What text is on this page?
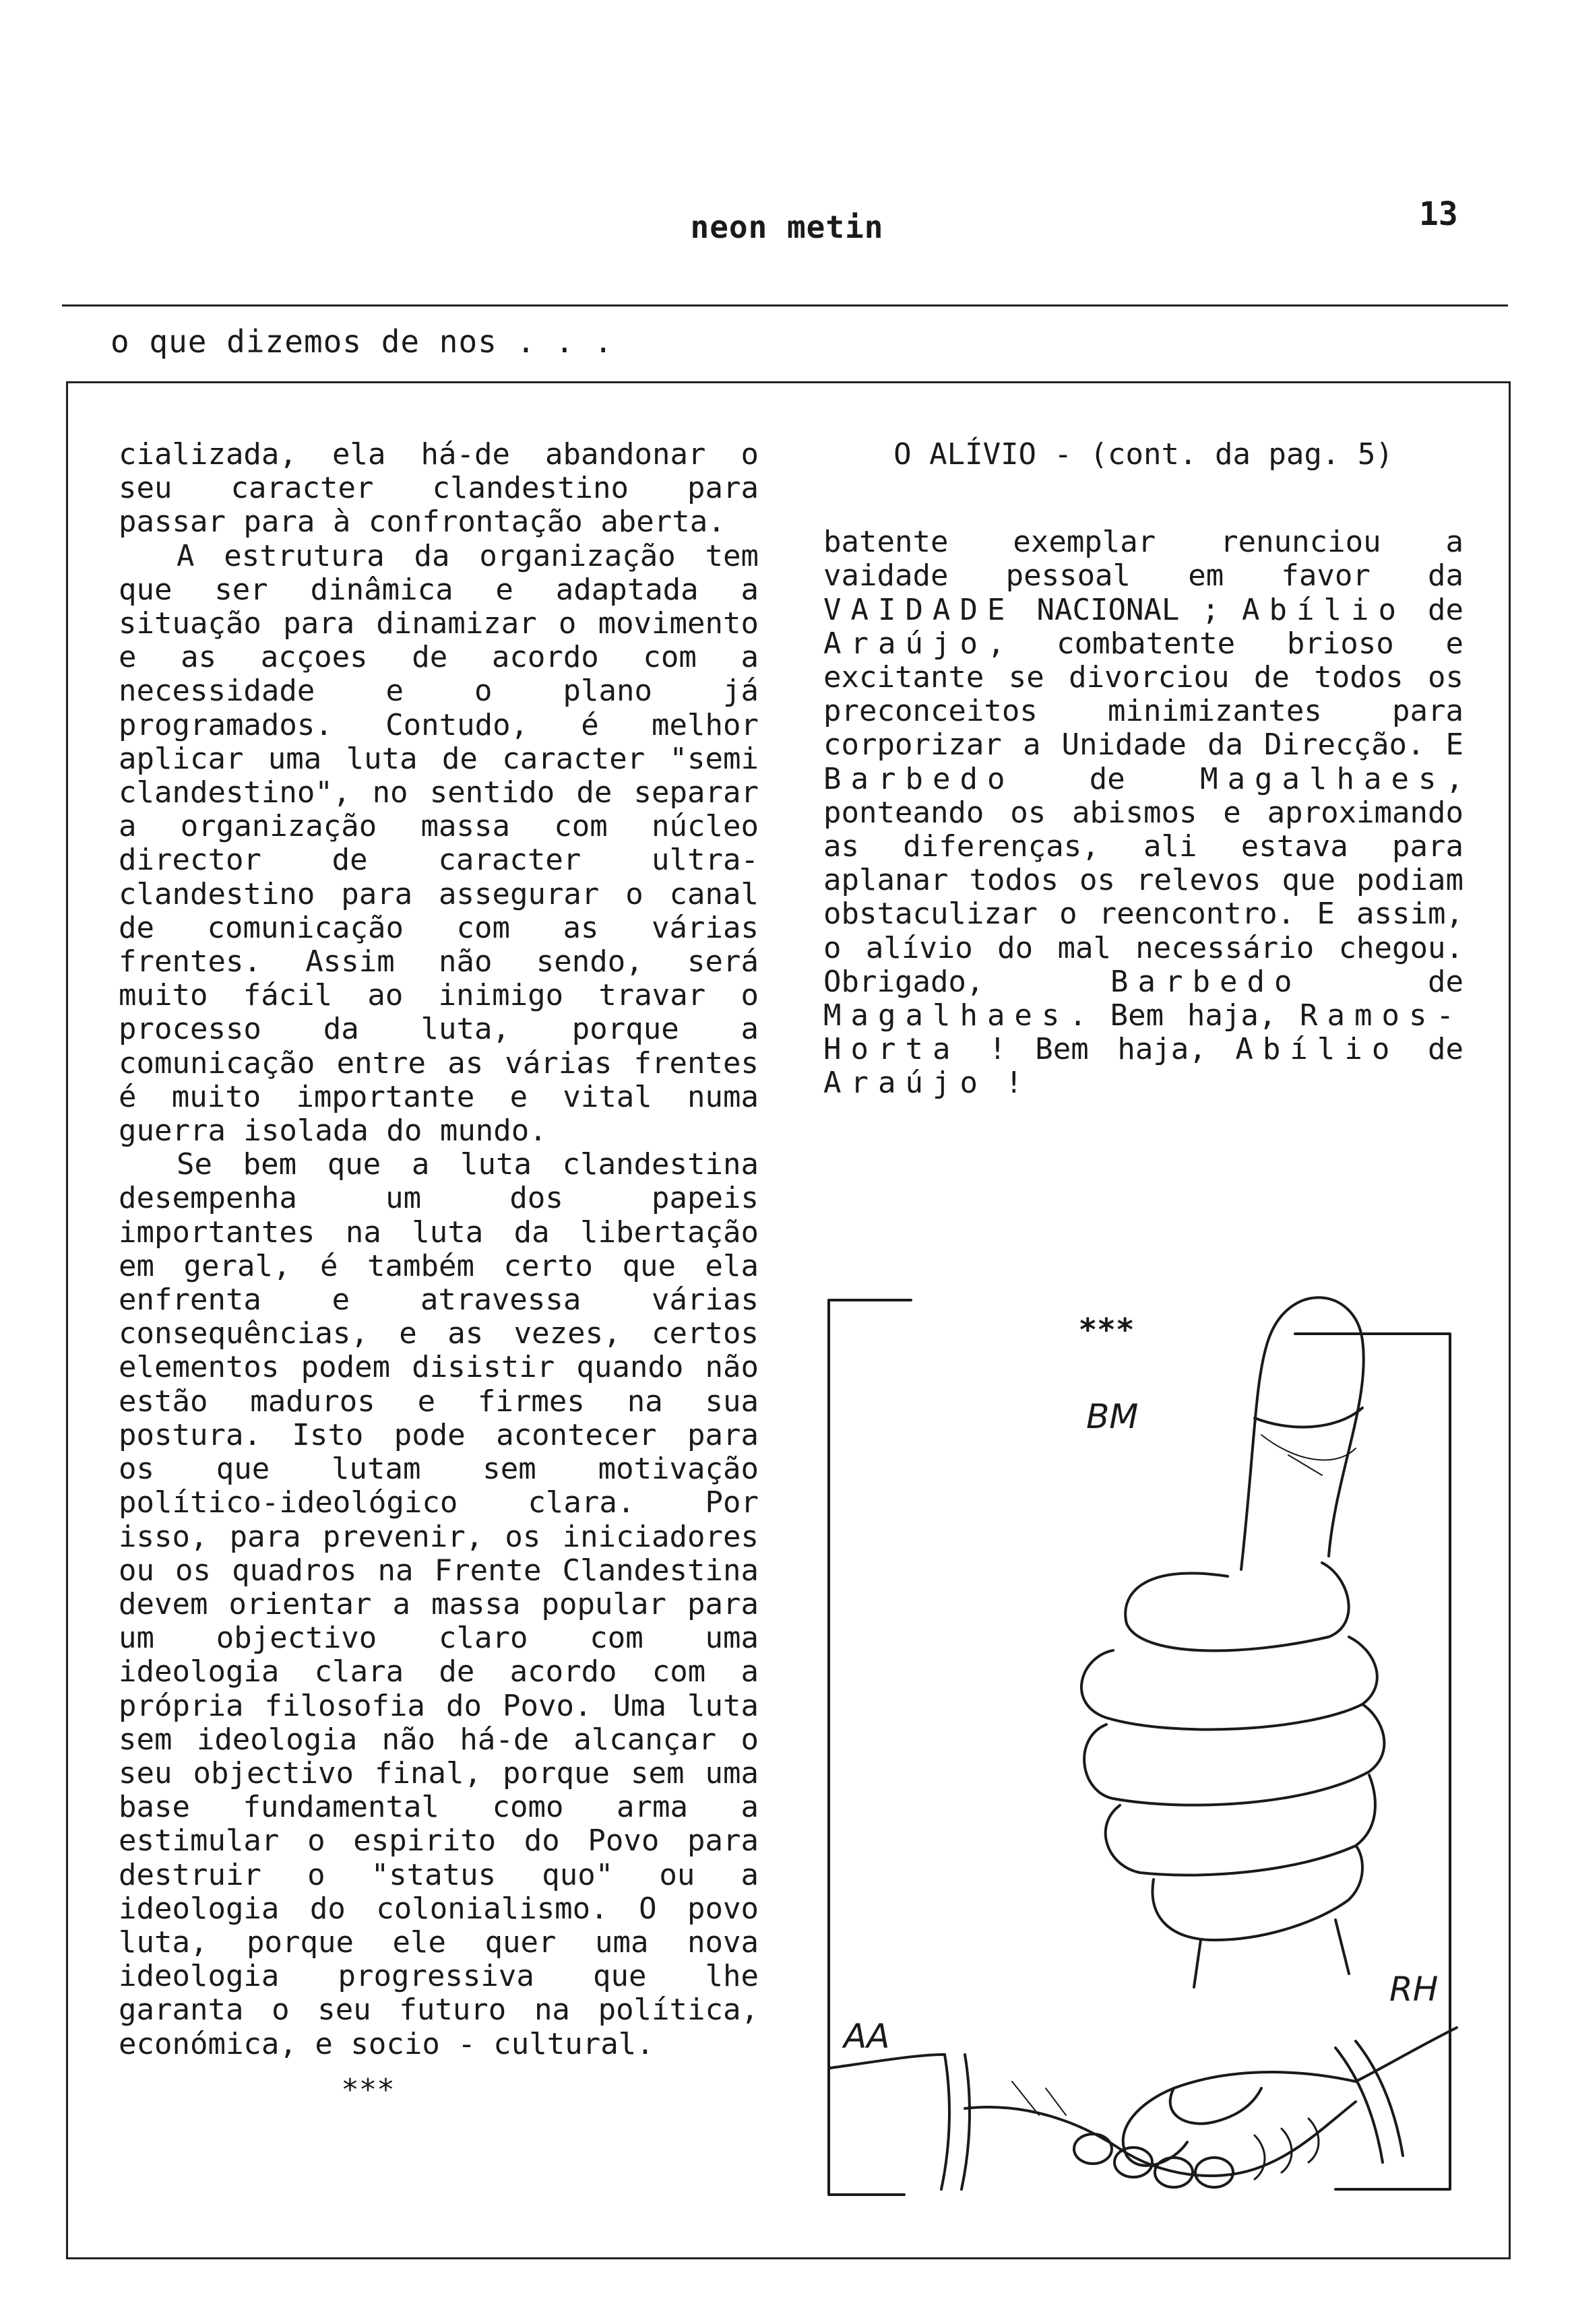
neon metin	13
o que dizemos de nos . . .

cializada, ela há-de abandonar o seu caracter clandestino para passar para à confrontação aberta.

A estrutura da organização tem que ser dinâmica e adaptada a situação para dinamizar o movimento e as acçoes de acordo com a necessidade e o plano já programados. Contudo, é melhor aplicar uma luta de caracter "semi clandestino", no sentido de separar a organização massa com núcleo director de caracter ultra-clandestino para assegurar o canal de comunicação com as várias frentes. Assim não sendo, será muito fácil ao inimigo travar o processo da luta, porque a comunicação entre as várias frentes é muito importante e vital numa guerra isolada do mundo.

Se bem que a luta clandestina desempenha um dos papeis importantes na luta da libertação em geral, é também certo que ela enfrenta e atravessa várias consequências, e as vezes, certos elementos podem disistir quando não estão maduros e firmes na sua postura. Isto pode acontecer para os que lutam sem motivação político-ideológico clara. Por isso, para prevenir, os iniciadores ou os quadros na Frente Clandestina devem orientar a massa popular para um objectivo claro com uma ideologia clara de acordo com a própria filosofia do Povo. Uma luta sem ideologia não há-de alcançar o seu objectivo final, porque sem uma base fundamental como arma a estimular o espirito do Povo para destruir o "status quo" ou a ideologia do colonialismo. O povo luta, porque ele quer uma nova ideologia progressiva que lhe garanta o seu futuro na política, económica, e socio - cultural.

***

O ALÍVIO - (cont. da pag. 5)

batente exemplar renunciou a vaidade pessoal em favor da VAIDADE NACIONAL ; Abílio de Araújo, combatente brioso e excitante se divorciou de todos os preconceitos minimizantes para corporizar a Unidade da Direcção. E Barbedo de Magalhaes, ponteando os abismos e aproximando as diferenças, ali estava para aplanar todos os relevos que podiam obstaculizar o reencontro. E assim, o alívio do mal necessário chegou. Obrigado, Barbedo de Magalhaes. Bem haja, Ramos-Horta ! Bem haja, Abílio de Araújo !

***
BM
AA
RH
